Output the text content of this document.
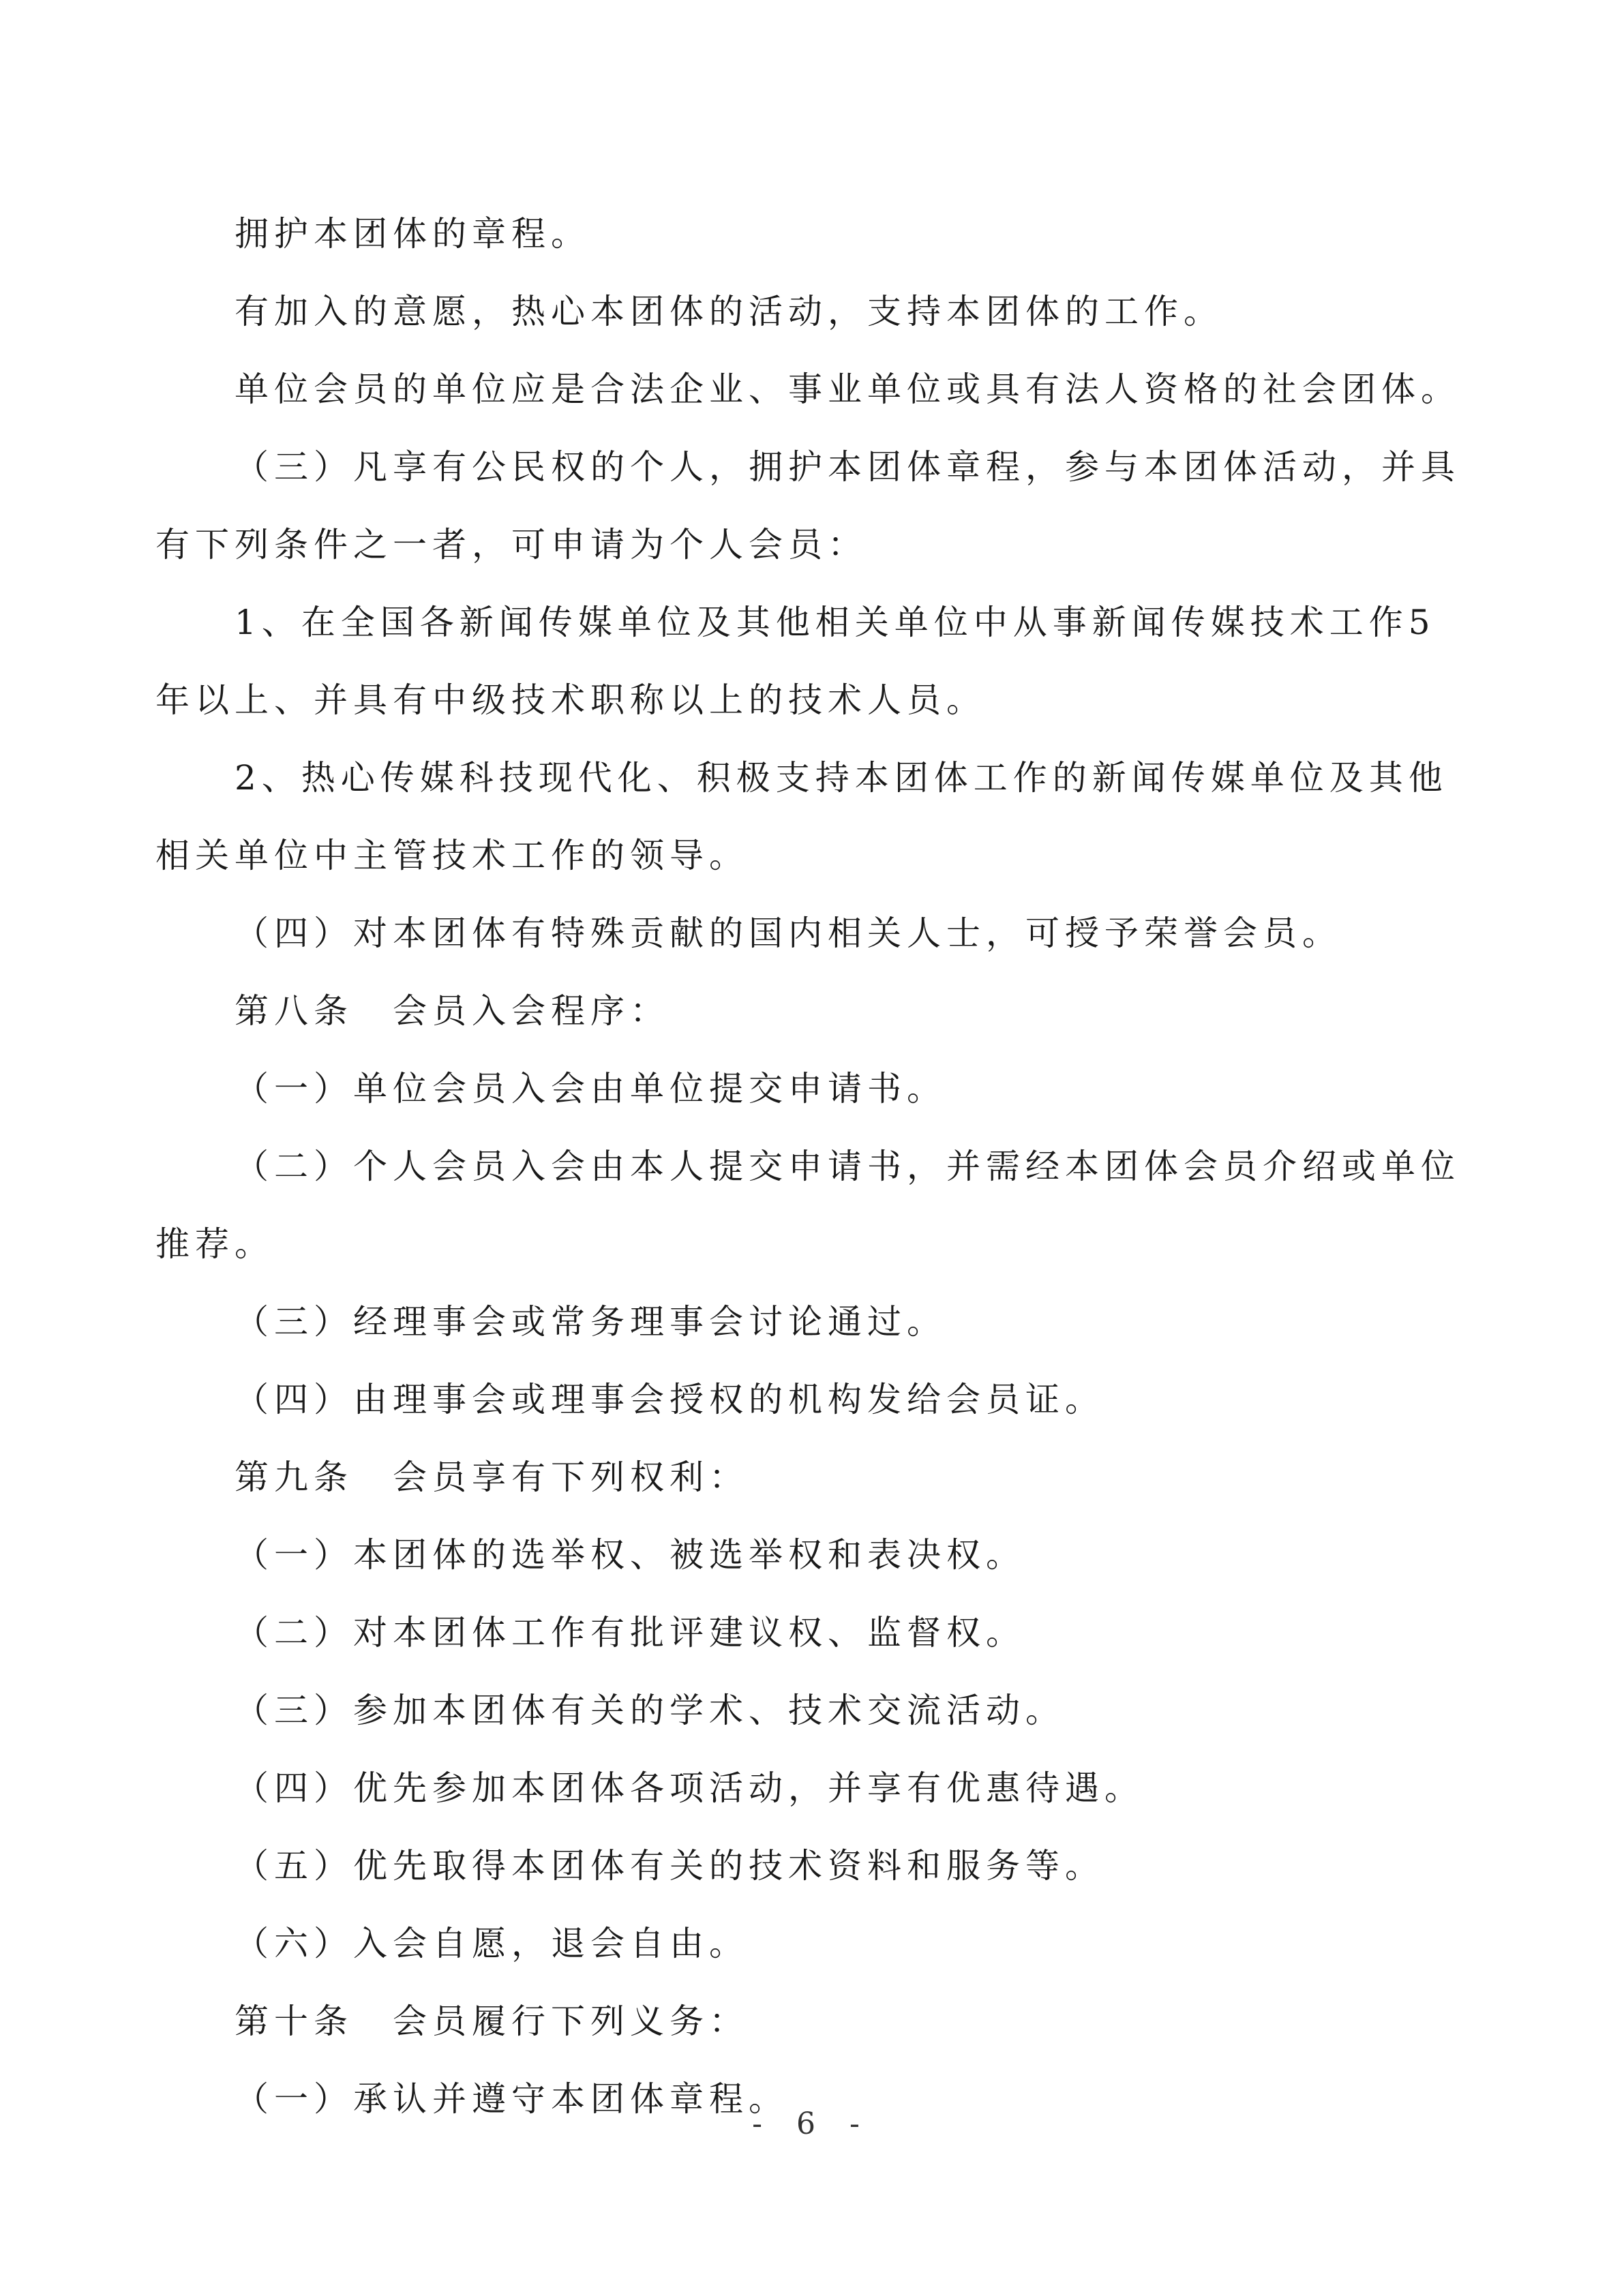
拥护本团体的章程。

有加入的意愿，热心本团体的活动，支持本团体的工作。

单位会员的单位应是合法企业、事业单位或具有法人资格的社会团体。

（三）凡享有公民权的个人，拥护本团体章程，参与本团体活动，并具有下列条件之一者，可申请为个人会员：

1、在全国各新闻传媒单位及其他相关单位中从事新闻传媒技术工作5年以上、并具有中级技术职称以上的技术人员。

2、热心传媒科技现代化、积极支持本团体工作的新闻传媒单位及其他相关单位中主管技术工作的领导。

（四）对本团体有特殊贡献的国内相关人士，可授予荣誉会员。

第八条　会员入会程序：

（一）单位会员入会由单位提交申请书。

（二）个人会员入会由本人提交申请书，并需经本团体会员介绍或单位推荐。

（三）经理事会或常务理事会讨论通过。

（四）由理事会或理事会授权的机构发给会员证。

第九条　会员享有下列权利：

（一）本团体的选举权、被选举权和表决权。

（二）对本团体工作有批评建议权、监督权。

（三）参加本团体有关的学术、技术交流活动。

（四）优先参加本团体各项活动，并享有优惠待遇。

（五）优先取得本团体有关的技术资料和服务等。

（六）入会自愿，退会自由。

第十条　会员履行下列义务：

（一）承认并遵守本团体章程。

- 6 -
